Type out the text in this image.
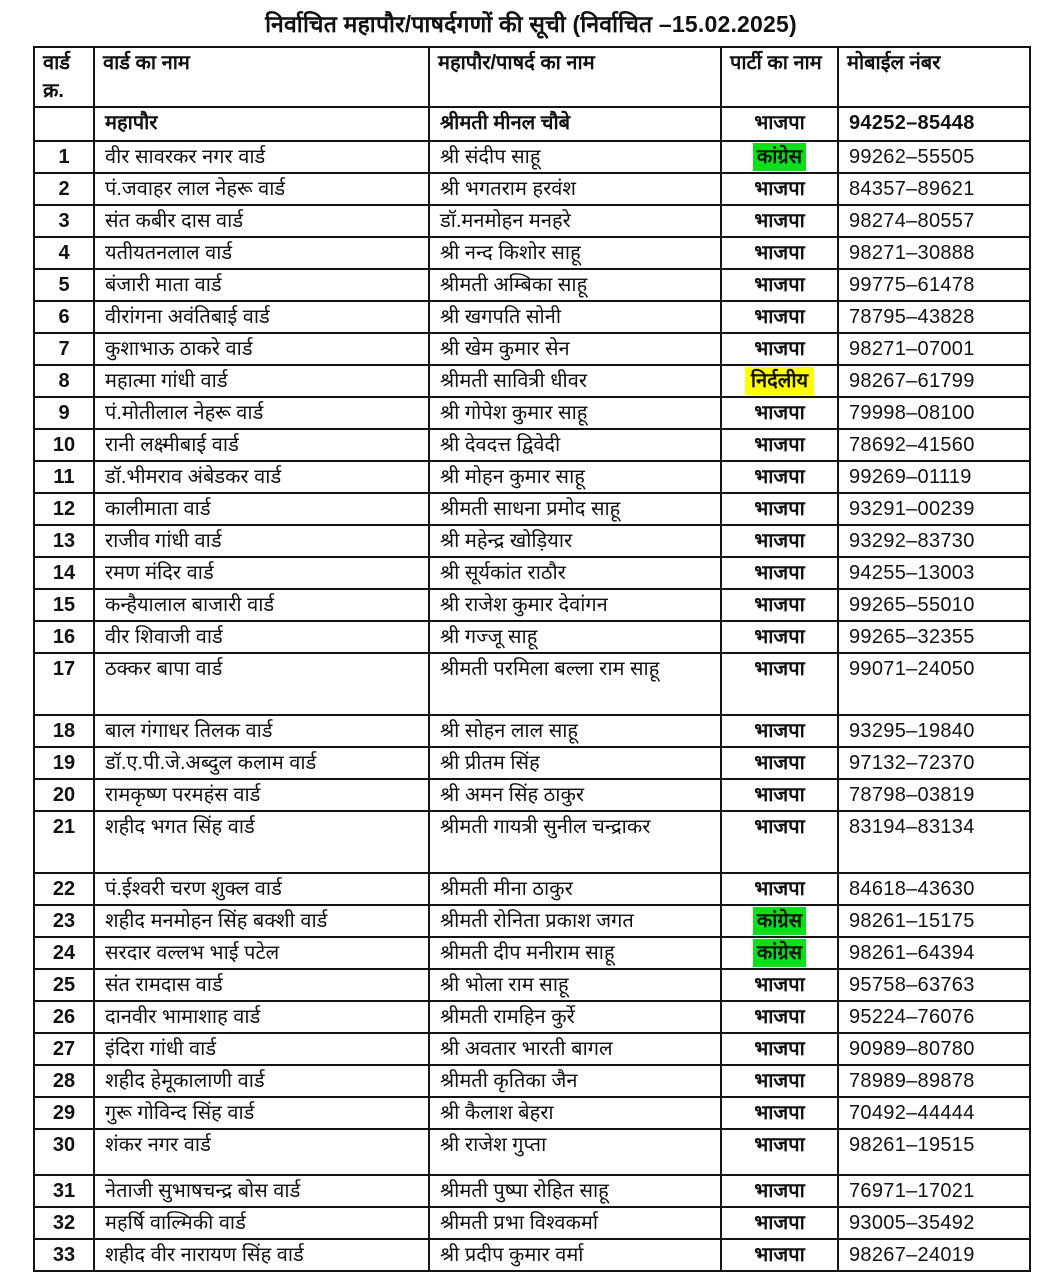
निर्वाचित महापौर/पाषर्दगणों की सूची (निर्वाचित –15.02.2025)
वार्ड क्र.	वार्ड का नाम	महापौर/पाषर्द का नाम	पार्टी का नाम	मोबाईल नंबर
	महापौर	श्रीमती मीनल चौबे	भाजपा	94252–85448
1	वीर सावरकर नगर वार्ड	श्री संदीप साहू	कांग्रेस	99262–55505
2	पं.जवाहर लाल नेहरू वार्ड	श्री भगतराम हरवंश	भाजपा	84357–89621
3	संत कबीर दास वार्ड	डॉ.मनमोहन मनहरे	भाजपा	98274–80557
4	यतीयतनलाल वार्ड	श्री नन्द किशोर साहू	भाजपा	98271–30888
5	बंजारी माता वार्ड	श्रीमती अम्बिका साहू	भाजपा	99775–61478
6	वीरांगना अवंतिबाई वार्ड	श्री खगपति सोनी	भाजपा	78795–43828
7	कुशाभाऊ ठाकरे वार्ड	श्री खेम कुमार सेन	भाजपा	98271–07001
8	महात्मा गांधी वार्ड	श्रीमती सावित्री धीवर	निर्दलीय	98267–61799
9	पं.मोतीलाल नेहरू वार्ड	श्री गोपेश कुमार साहू	भाजपा	79998–08100
10	रानी लक्ष्मीबाई वार्ड	श्री देवदत्त द्विवेदी	भाजपा	78692–41560
11	डॉ.भीमराव अंबेडकर वार्ड	श्री मोहन कुमार साहू	भाजपा	99269–01119
12	कालीमाता वार्ड	श्रीमती साधना प्रमोद साहू	भाजपा	93291–00239
13	राजीव गांधी वार्ड	श्री महेन्द्र खोड़ियार	भाजपा	93292–83730
14	रमण मंदिर वार्ड	श्री सूर्यकांत राठौर	भाजपा	94255–13003
15	कन्हैयालाल बाजारी वार्ड	श्री राजेश कुमार देवांगन	भाजपा	99265–55010
16	वीर शिवाजी वार्ड	श्री गज्जू साहू	भाजपा	99265–32355
17	ठक्कर बापा वार्ड	श्रीमती परमिला बल्ला राम साहू	भाजपा	99071–24050
18	बाल गंगाधर तिलक वार्ड	श्री सोहन लाल साहू	भाजपा	93295–19840
19	डॉ.ए.पी.जे.अब्दुल कलाम वार्ड	श्री प्रीतम सिंह	भाजपा	97132–72370
20	रामकृष्ण परमहंस वार्ड	श्री अमन सिंह ठाकुर	भाजपा	78798–03819
21	शहीद भगत सिंह वार्ड	श्रीमती गायत्री सुनील चन्द्राकर	भाजपा	83194–83134
22	पं.ईश्वरी चरण शुक्ल वार्ड	श्रीमती मीना ठाकुर	भाजपा	84618–43630
23	शहीद मनमोहन सिंह बक्शी वार्ड	श्रीमती रोनिता प्रकाश जगत	कांग्रेस	98261–15175
24	सरदार वल्लभ भाई पटेल	श्रीमती दीप मनीराम साहू	कांग्रेस	98261–64394
25	संत रामदास वार्ड	श्री भोला राम साहू	भाजपा	95758–63763
26	दानवीर भामाशाह वार्ड	श्रीमती रामहिन कुर्रे	भाजपा	95224–76076
27	इंदिरा गांधी वार्ड	श्री अवतार भारती बागल	भाजपा	90989–80780
28	शहीद हेमूकालाणी वार्ड	श्रीमती कृतिका जैन	भाजपा	78989–89878
29	गुरू गोविन्द सिंह वार्ड	श्री कैलाश बेहरा	भाजपा	70492–44444
30	शंकर नगर वार्ड	श्री राजेश गुप्ता	भाजपा	98261–19515
31	नेताजी सुभाषचन्द्र बोस वार्ड	श्रीमती पुष्पा रोहित साहू	भाजपा	76971–17021
32	महर्षि वाल्मिकी वार्ड	श्रीमती प्रभा विश्वकर्मा	भाजपा	93005–35492
33	शहीद वीर नारायण सिंह वार्ड	श्री प्रदीप कुमार वर्मा	भाजपा	98267–24019
